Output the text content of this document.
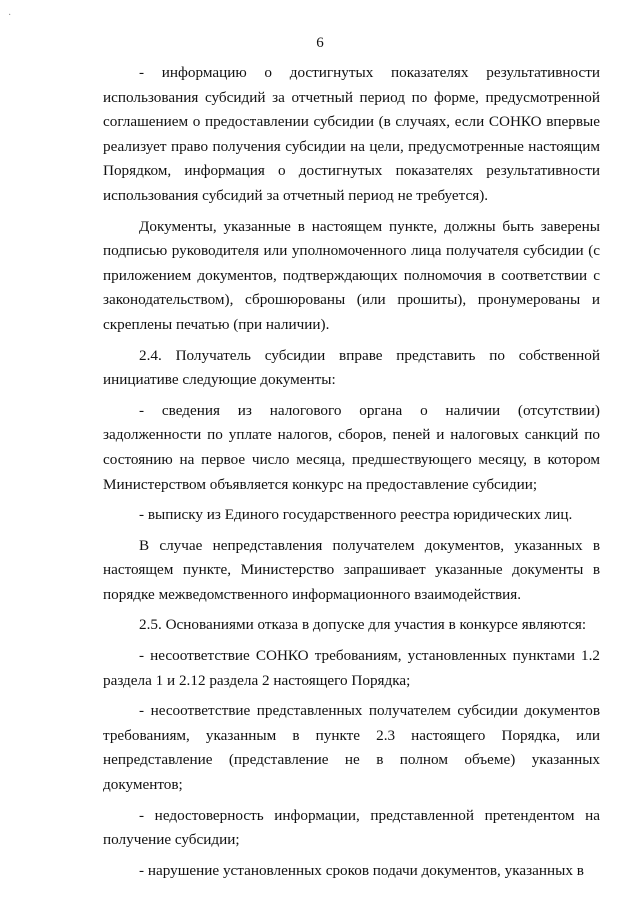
·
6

- информацию о достигнутых показателях результативности использования субсидий за отчетный период по форме, предусмотренной соглашением о предоставлении субсидии (в случаях, если СОНКО впервые реализует право получения субсидии на цели, предусмотренные настоящим Порядком, информация о достигнутых показателях результативности использования субсидий за отчетный период не требуется).

Документы, указанные в настоящем пункте, должны быть заверены подписью руководителя или уполномоченного лица получателя субсидии (с приложением документов, подтверждающих полномочия в соответствии с законодательством), сброшюрованы (или прошиты), пронумерованы и скреплены печатью (при наличии).

2.4. Получатель субсидии вправе представить по собственной инициативе следующие документы:

- сведения из налогового органа о наличии (отсутствии) задолженности по уплате налогов, сборов, пеней и налоговых санкций по состоянию на первое число месяца, предшествующего месяцу, в котором Министерством объявляется конкурс на предоставление субсидии;

- выписку из Единого государственного реестра юридических лиц.

В случае непредставления получателем документов, указанных в настоящем пункте, Министерство запрашивает указанные документы в порядке межведомственного информационного взаимодействия.

2.5. Основаниями отказа в допуске для участия в конкурсе являются:

- несоответствие СОНКО требованиям, установленных пунктами 1.2 раздела 1 и 2.12 раздела 2 настоящего Порядка;

- несоответствие представленных получателем субсидии документов требованиям, указанным в пункте 2.3 настоящего Порядка, или непредставление (представление не в полном объеме) указанных документов;

- недостоверность информации, представленной претендентом на получение субсидии;

- нарушение установленных сроков подачи документов, указанных в
